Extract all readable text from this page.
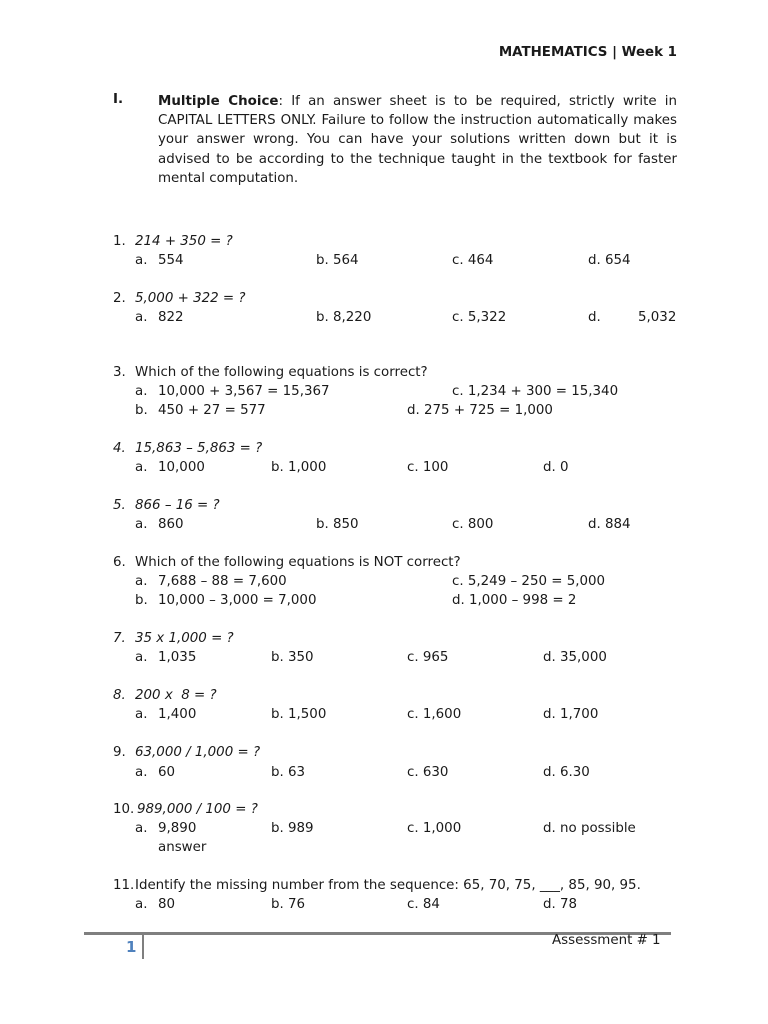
MATHEMATICS | Week 1
I.	Multiple Choice: If an answer sheet is to be required, strictly write in CAPITAL LETTERS ONLY. Failure to follow the instruction automatically makes your answer wrong. You can have your solutions written down but it is advised to be according to the technique taught in the textbook for faster mental computation.
1. 214 + 350 = ?
a. 554	b. 564	c. 464	d. 654
2. 5,000 + 322 = ?
a. 822	b. 8,220	c. 5,322	d.	5,032
3. Which of the following equations is correct?
a. 10,000 + 3,567 = 15,367	c. 1,234 + 300 = 15,340
b. 450 + 27 = 577	d. 275 + 725 = 1,000
4. 15,863 – 5,863 = ?
a. 10,000	b. 1,000	c. 100	d. 0
5. 866 – 16 = ?
a. 860	b. 850	c. 800	d. 884
6. Which of the following equations is NOT correct?
a. 7,688 – 88 = 7,600	c. 5,249 – 250 = 5,000
b. 10,000 – 3,000 = 7,000	d. 1,000 – 998 = 2
7. 35 x 1,000 = ?
a. 1,035	b. 350	c. 965	d. 35,000
8. 200 x  8 = ?
a. 1,400	b. 1,500	c. 1,600	d. 1,700
9. 63,000 / 1,000 = ?
a. 60	b. 63	c. 630	d. 6.30
10. 989,000 / 100 = ?
a. 9,890	b. 989	c. 1,000	d. no possible
answer
11. Identify the missing number from the sequence: 65, 70, 75, ___, 85, 90, 95.
a. 80	b. 76	c. 84	d. 78
1	Assessment # 1
